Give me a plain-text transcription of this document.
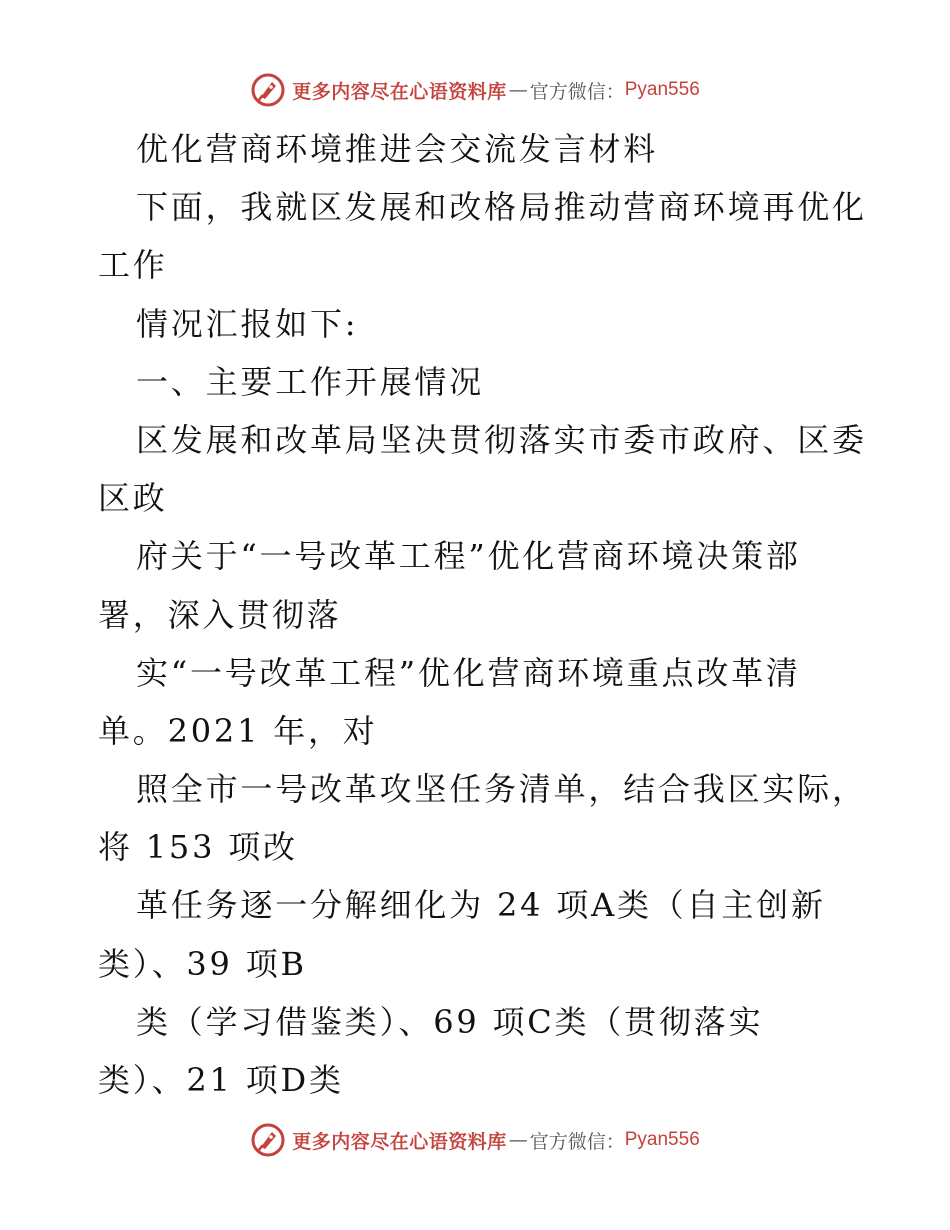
更多内容尽在心语资料库 — 官方微信： Pyan556
优化营商环境推进会交流发言材料
下面，我就区发展和改格局推动营商环境再优化
工作
情况汇报如下:
一、主要工作开展情况
区发展和改革局坚决贯彻落实市委市政府、区委
区政
府关于“一号改革工程”优化营商环境决策部
署，深入贯彻落
实“一号改革工程”优化营商环境重点改革清
单。2021 年，对
照全市一号改革攻坚任务清单，结合我区实际，
将 153 项改
革任务逐一分解细化为 24 项A类（自主创新
类）、39 项B
类（学习借鉴类）、69 项C类（贯彻落实
类）、21 项D类
更多内容尽在心语资料库 — 官方微信： Pyan556
